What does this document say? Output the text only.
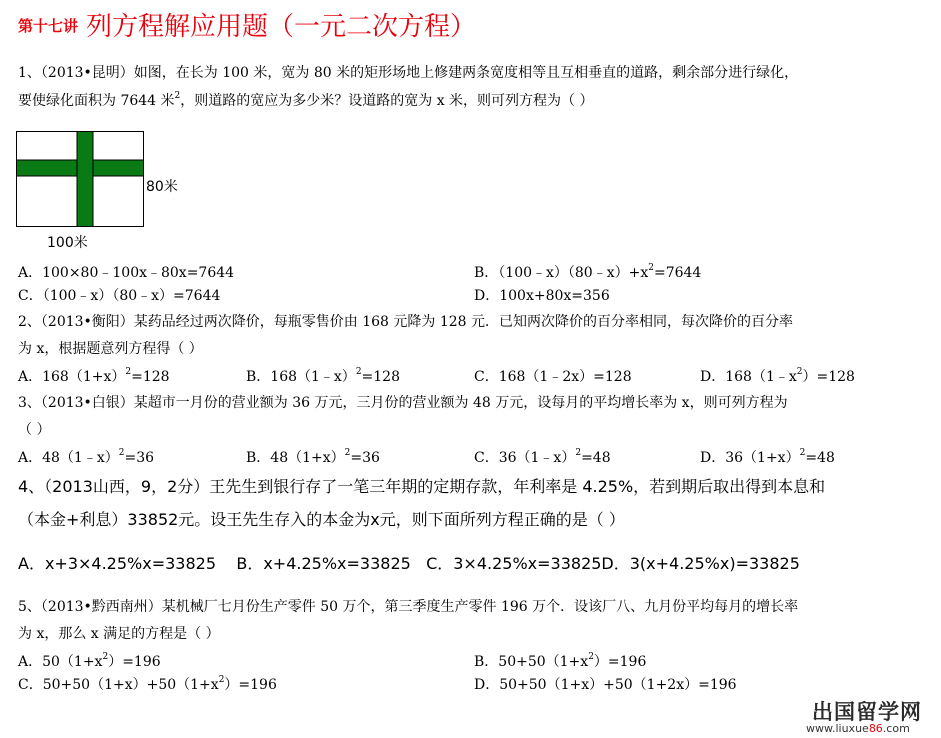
第十七讲 列方程解应用题（一元二次方程）
1、（2013•昆明）如图，在长为 100 米，宽为 80 米的矩形场地上修建两条宽度相等且互相垂直的道路，剩余部分进行绿化，
要使绿化面积为 7644 米$^2$，则道路的宽应为多少米？设道路的宽为 x 米，则可列方程为（ ）
80米
100米
A．100×80﹣100x﹣80x=7644	B．$(100﹣x)(80﹣x)+x^2=7644$
C．（100﹣x）（80﹣x）=7644	D．100x+80x=356
2、（2013•衡阳）某药品经过两次降价，每瓶零售价由 168 元降为 128 元．已知两次降价的百分率相同，每次降价的百分率
为 x，根据题意列方程得（ ）
A．$168(1+x)^2=128$	B．168（1﹣x）$^2$=128	C．168（1﹣2x）=128	D．$168(1﹣x^2)=128$
3、（2013•白银）某超市一月份的营业额为 36 万元，三月份的营业额为 48 万元，设每月的平均增长率为 x，则可列方程为
（ ）
A．48（1﹣x）$^2$=36	B．$48(1+x)^2=36$	C．36（1﹣x）$^2$=48	D．$36(1+x)^2=48$
4、（2013山西，9，2分）王先生到银行存了一笔三年期的定期存款，年利率是 4.25%，若到期后取出得到本息和
（本金+利息）33852元。设王先生存入的本金为x元，则下面所列方程正确的是（ ）
A．x+3×4.25%x=33825    B．x+4.25%x=33825   C．3×4.25%x=33825D．3(x+4.25%x)=33825
5、（2013•黔西南州）某机械厂七月份生产零件 50 万个，第三季度生产零件 196 万个．设该厂八、九月份平均每月的增长率
为 x，那么 x 满足的方程是（ ）
A．$50(1+x^2)=196$	B．$50+50(1+x^2)=196$
C．$50+50(1+x)+50(1+x^2)=196$	D．50+50（1+x）+50（1+2x）=196
出国留学网
www.liuxue86.com
